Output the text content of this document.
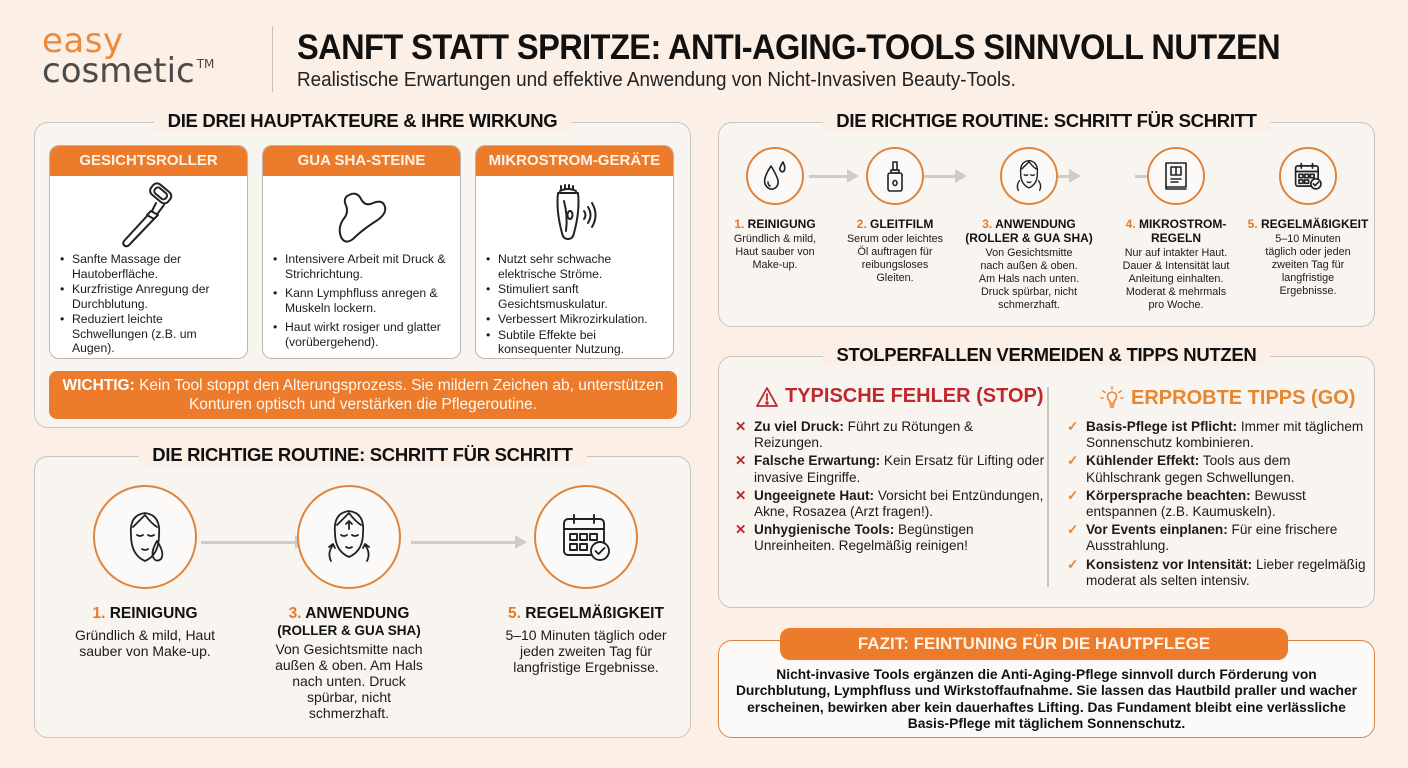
easy
cosmetic ™ SANFT STATT SPRITZE: ANTI-AGING-TOOLS SINNVOLL NUTZEN
Realistische Erwartungen und effektive Anwendung von Nicht-Invasiven Beauty-Tools.
DIE DREI HAUPTAKTEURE & IHRE WIRKUNG
GESICHTSROLLER
• Sanfte Massage der Hautoberfläche.
• Kurzfristige Anregung der Durchblutung.
• Reduziert leichte Schwellungen (z.B. um Augen).
•
GUA SHA-STEINE
• Intensivere Arbeit mit Druck & Strichrichtung.
• Kann Lymphfluss anregen & Muskeln lockern.
• Haut wirkt rosiger und glatter (vorübergehend).
MIKROSTROM-GERÄTE
• Nutzt sehr schwache elektrische Ströme.
• Stimuliert sanft Gesichtsmuskulatur.
• Verbessert Mikrozirkulation.
• Subtile Effekte bei konsequenter Nutzung.
WICHTIG: Kein Tool stoppt den Alterungsprozess. Sie mildern Zeichen ab, unterstützen Konturen optisch und verstärken die Pflegeroutine.
DIE RICHTIGE ROUTINE: SCHRITT FÜR SCHRITT
1. REINIGUNG
Gründlich & mild, Haut sauber von Make-up.
3. ANWENDUNG
(ROLLER & GUA SHA)
Von Gesichtsmitte nach außen & oben. Am Hals nach unten. Druck spürbar, nicht schmerzhaft.
5. REGELMÄßIGKEIT
5–10 Minuten täglich oder jeden zweiten Tag für langfristige Ergebnisse.
DIE RICHTIGE ROUTINE: SCHRITT FÜR SCHRITT
1. REINIGUNG
Gründlich & mild, Haut sauber von Make-up.
2. GLEITFILM
Serum oder leichtes Öl auftragen für reibungsloses Gleiten.
3. ANWENDUNG
(ROLLER & GUA SHA)
Von Gesichtsmitte nach außen & oben. Am Hals nach unten. Druck spürbar, nicht schmerzhaft.
4. MIKROSTROM-
REGELN
Nur auf intakter Haut. Dauer & Intensität laut Anleitung einhalten. Moderat & mehrmals pro Woche.
5. REGELMÄßIGKEIT
5–10 Minuten täglich oder jeden zweiten Tag für langfristige Ergebnisse.
STOLPERFALLEN VERMEIDEN & TIPPS NUTZEN
TYPISCHE FEHLER (STOP)
✕ Zu viel Druck: Führt zu Rötungen & Reizungen.
✕ Falsche Erwartung: Kein Ersatz für Lifting oder invasive Eingriffe.
✕ Ungeeignete Haut: Vorsicht bei Entzündungen, Akne, Rosazea (Arzt fragen!).
✕ Unhygienische Tools: Begünstigen Unreinheiten. Regelmäßig reinigen!
ERPROBTE TIPPS (GO)
✓ Basis-Pflege ist Pflicht: Immer mit täglichem Sonnenschutz kombinieren.
✓ Kühlender Effekt: Tools aus dem Kühlschrank gegen Schwellungen.
✓ Körpersprache beachten: Bewusst entspannen (z.B. Kaumuskeln).
✓ Vor Events einplanen: Für eine frischere Ausstrahlung.
✓ Konsistenz vor Intensität: Lieber regelmäßig moderat als selten intensiv.
FAZIT: FEINTUNING FÜR DIE HAUTPFLEGE
Nicht-invasive Tools ergänzen die Anti-Aging-Pflege sinnvoll durch Förderung von Durchblutung, Lymphfluss und Wirkstoffaufnahme. Sie lassen das Hautbild praller und wacher erscheinen, bewirken aber kein dauerhaftes Lifting. Das Fundament bleibt eine verlässliche Basis-Pflege mit täglichem Sonnenschutz.
